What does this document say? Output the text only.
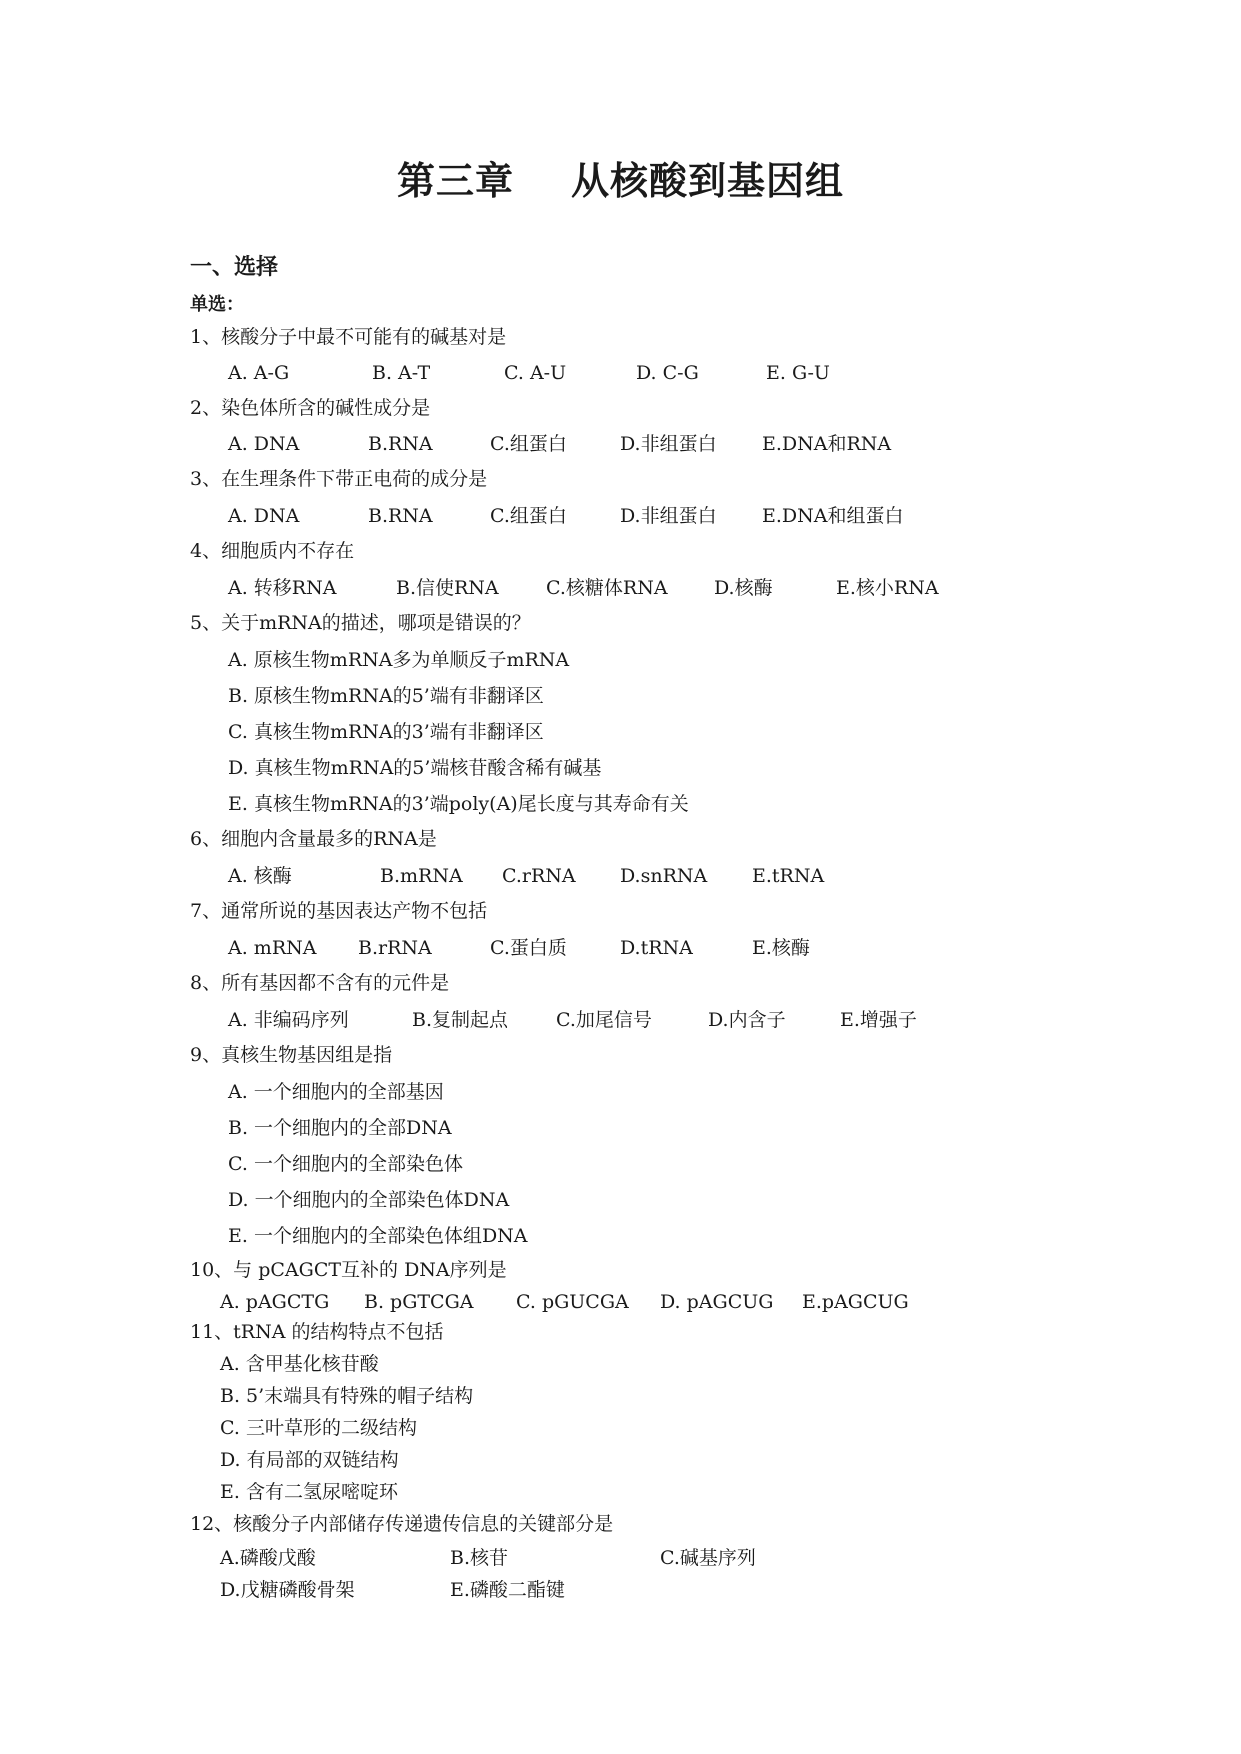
第三章    从核酸到基因组
一、选择
单选：
1、核酸分子中最不可能有的碱基对是
A. A-G	B. A-T	C. A-U	D. C-G	E. G-U
2、染色体所含的碱性成分是
A. DNA	B.RNA	C.组蛋白	D.非组蛋白 E.DNA和RNA
3、在生理条件下带正电荷的成分是
A. DNA	B.RNA	C.组蛋白	D.非组蛋白 E.DNA和组蛋白
4、细胞质内不存在
A. 转移RNA	B.信使RNA C.核糖体RNA D.核酶	E.核小RNA
5、关于mRNA的描述，哪项是错误的？
A. 原核生物mRNA多为单顺反子mRNA
B. 原核生物mRNA的5’端有非翻译区
C. 真核生物mRNA的3’端有非翻译区
D. 真核生物mRNA的5’端核苷酸含稀有碱基
E. 真核生物mRNA的3’端poly(A)尾长度与其寿命有关
6、细胞内含量最多的RNA是
A. 核酶	B.mRNA C.rRNA D.snRNA E.tRNA
7、通常所说的基因表达产物不包括
A. mRNA B.rRNA	C.蛋白质	D.tRNA	E.核酶
8、所有基因都不含有的元件是
A. 非编码序列	B.复制起点	C.加尾信号	D.内含子	E.增强子
9、真核生物基因组是指
A. 一个细胞内的全部基因
B. 一个细胞内的全部DNA
C. 一个细胞内的全部染色体
D. 一个细胞内的全部染色体DNA
E. 一个细胞内的全部染色体组DNA
10、与 pCAGCT互补的 DNA序列是
A. pAGCTG B. pGTCGA C. pGUCGA D. pAGCUG E.pAGCUG
11、tRNA 的结构特点不包括
A. 含甲基化核苷酸
B. 5’末端具有特殊的帽子结构
C. 三叶草形的二级结构
D. 有局部的双链结构
E. 含有二氢尿嘧啶环
12、核酸分子内部储存传递遗传信息的关键部分是
A.磷酸戊酸	B.核苷	C.碱基序列
D.戊糖磷酸骨架	E.磷酸二酯键
